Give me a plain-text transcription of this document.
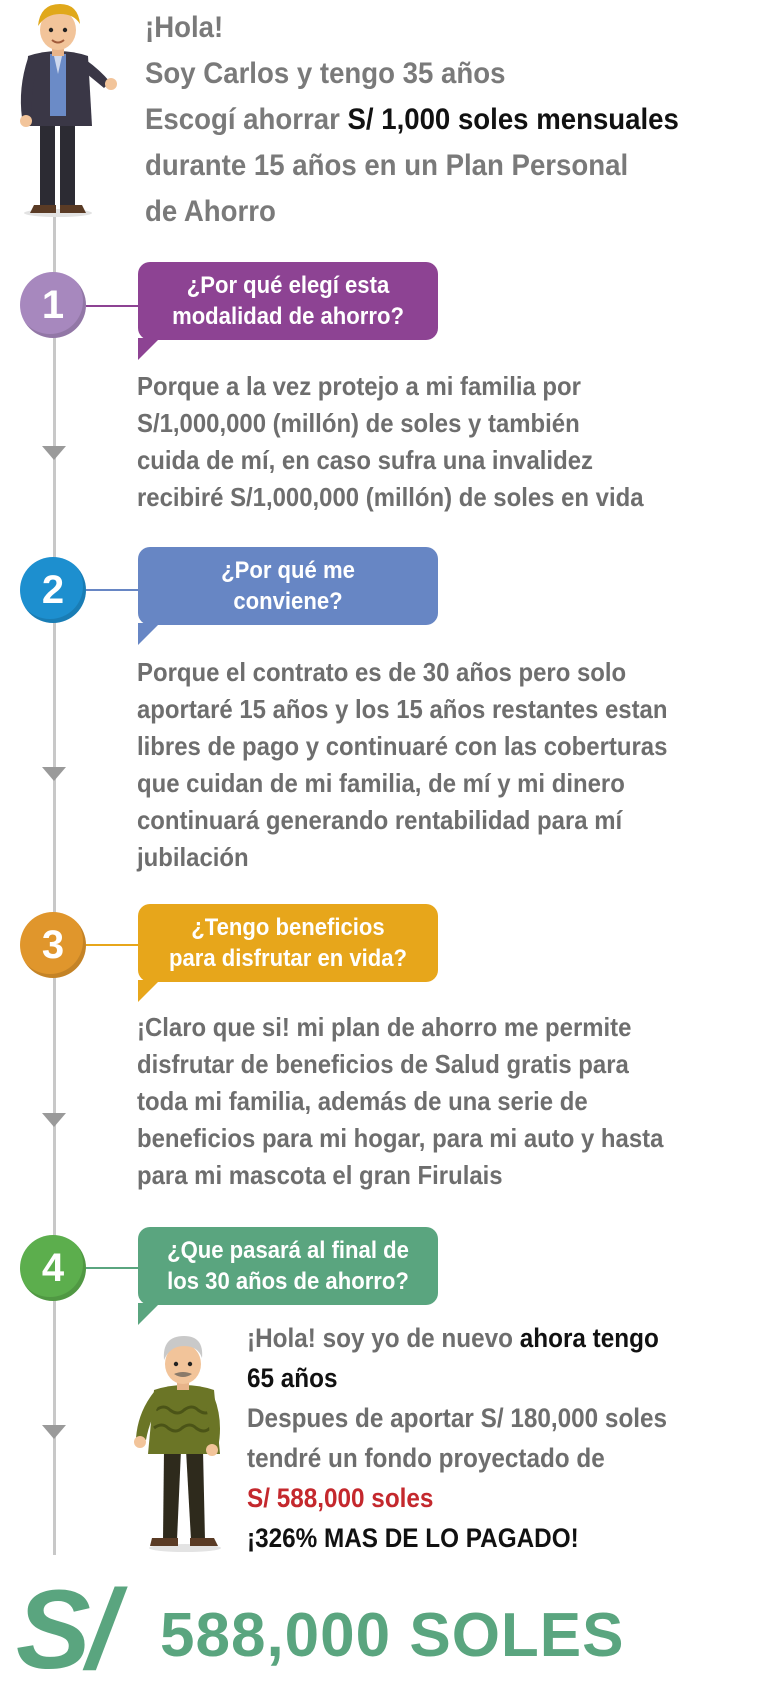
¡Hola!
Soy Carlos y tengo 35 años
Escogí ahorrar S/ 1,000 soles mensuales
durante 15 años en un Plan Personal
de Ahorro
1	¿Por qué elegí esta
modalidad de ahorro?
Porque a la vez protejo a mi familia por
S/1,000,000 (millón) de soles y también
cuida de mí, en caso sufra una invalidez
recibiré S/1,000,000 (millón) de soles en vida
2	¿Por qué me
conviene?
Porque el contrato es de 30 años pero solo
aportaré 15 años y los 15 años restantes estan
libres de pago y continuaré con las coberturas
que cuidan de mi familia, de mí y mi dinero
continuará generando rentabilidad para mí
jubilación
3	¿Tengo beneficios
para disfrutar en vida?
¡Claro que si! mi plan de ahorro me permite
disfrutar de beneficios de Salud gratis para
toda mi familia, además de una serie de
beneficios para mi hogar, para mi auto y hasta
para mi mascota el gran Firulais
4	¿Que pasará al final de
los 30 años de ahorro?
¡Hola! soy yo de nuevo ahora tengo
65 años
Despues de aportar S/ 180,000 soles
tendré un fondo proyectado de
S/ 588,000 soles
¡326% MAS DE LO PAGADO!
S/ 588,000 SOLES
